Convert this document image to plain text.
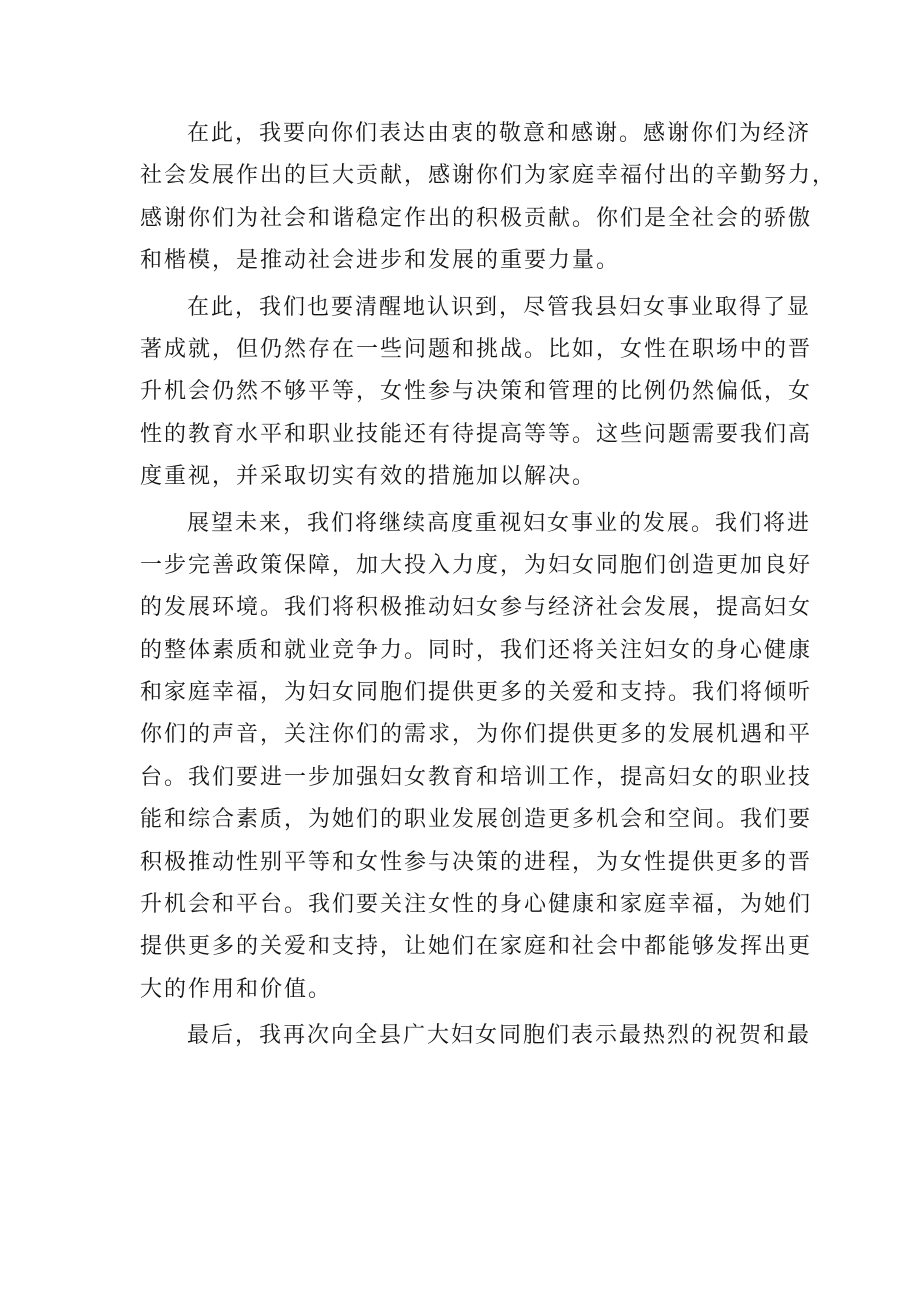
在此，我要向你们表达由衷的敬意和感谢。感谢你们为经济
社会发展作出的巨大贡献，感谢你们为家庭幸福付出的辛勤努力，
感谢你们为社会和谐稳定作出的积极贡献。你们是全社会的骄傲
和楷模，是推动社会进步和发展的重要力量。
在此，我们也要清醒地认识到，尽管我县妇女事业取得了显
著成就，但仍然存在一些问题和挑战。比如，女性在职场中的晋
升机会仍然不够平等，女性参与决策和管理的比例仍然偏低，女
性的教育水平和职业技能还有待提高等等。这些问题需要我们高
度重视，并采取切实有效的措施加以解决。
展望未来，我们将继续高度重视妇女事业的发展。我们将进
一步完善政策保障，加大投入力度，为妇女同胞们创造更加良好
的发展环境。我们将积极推动妇女参与经济社会发展，提高妇女
的整体素质和就业竞争力。同时，我们还将关注妇女的身心健康
和家庭幸福，为妇女同胞们提供更多的关爱和支持。我们将倾听
你们的声音，关注你们的需求，为你们提供更多的发展机遇和平
台。我们要进一步加强妇女教育和培训工作，提高妇女的职业技
能和综合素质，为她们的职业发展创造更多机会和空间。我们要
积极推动性别平等和女性参与决策的进程，为女性提供更多的晋
升机会和平台。我们要关注女性的身心健康和家庭幸福，为她们
提供更多的关爱和支持，让她们在家庭和社会中都能够发挥出更
大的作用和价值。
最后，我再次向全县广大妇女同胞们表示最热烈的祝贺和最
